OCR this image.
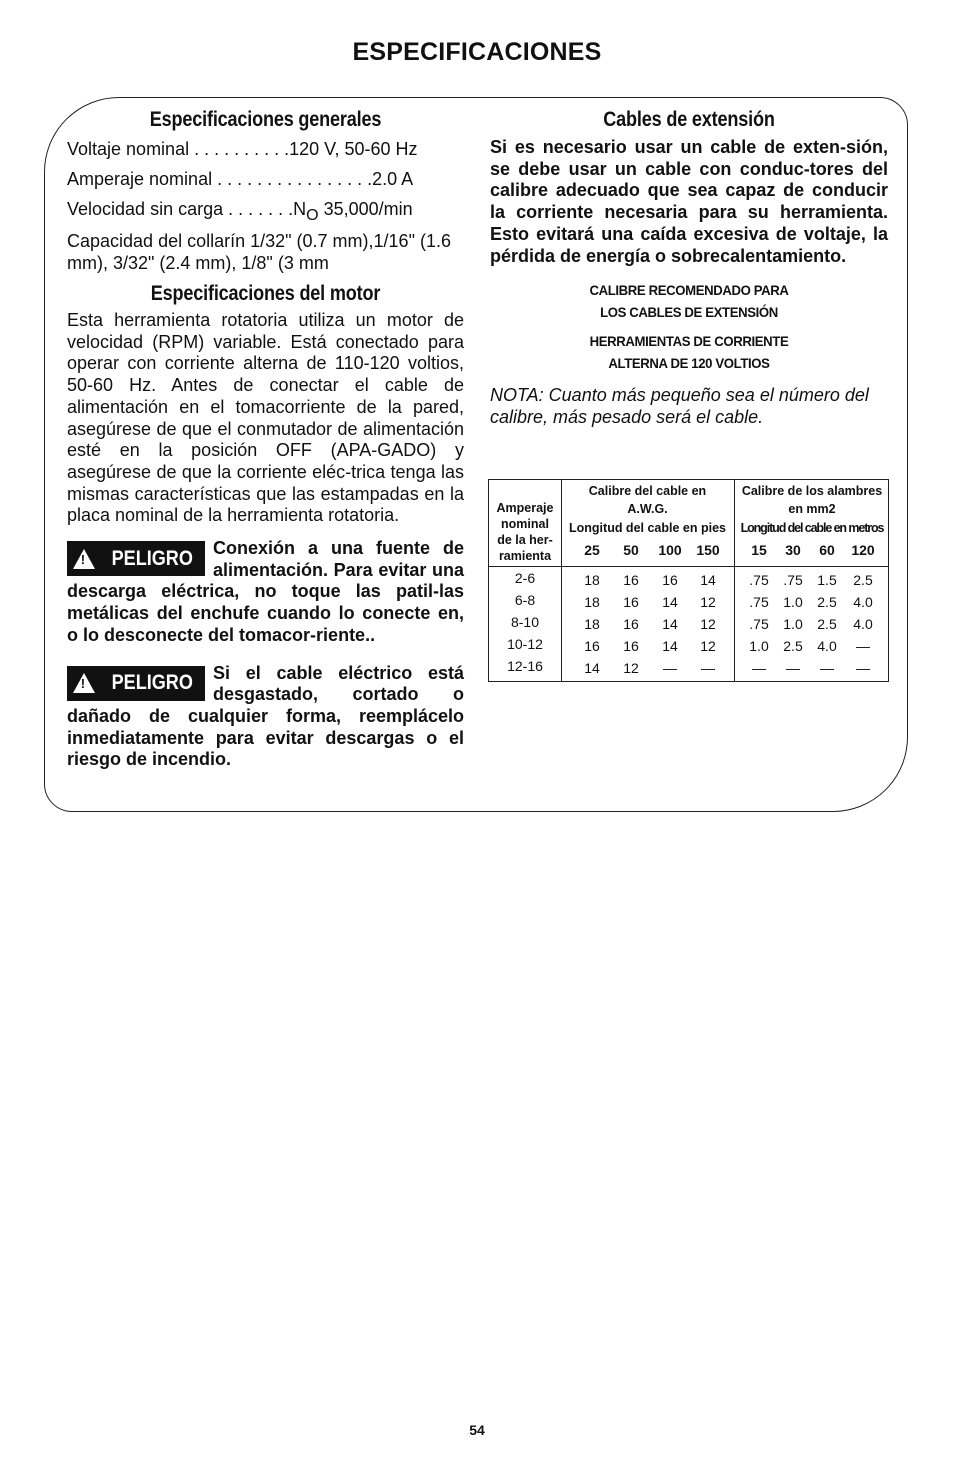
ESPECIFICACIONES
Especificaciones generales
Voltaje nominal . . . . . . . . . .120 V, 50-60 Hz
Amperaje nominal . . . . . . . . . . . . . . . .2.0 A
Velocidad sin carga . . . . . . .NO 35,000/min
Capacidad del collarín 1/32" (0.7 mm),1/16" (1.6 mm), 3/32" (2.4 mm), 1/8" (3 mm
Especificaciones del motor

Esta herramienta rotatoria utiliza un motor de velocidad (RPM) variable. Está conectado para operar con corriente alterna de 110-120 voltios, 50-60 Hz. Antes de conectar el cable de alimentación en el tomacorriente de la pared, asegúrese de que el conmutador de alimentación esté en la posición OFF (APA-GADO) y asegúrese de que la corriente eléc-trica tenga las mismas características que las estampadas en la placa nominal de la herramienta rotatoria.

! PELIGRO Conexión a una fuente de alimentación. Para evitar una descarga eléctrica, no toque las patil-las metálicas del enchufe cuando lo conecte en, o lo desconecte del tomacor-riente..
! PELIGRO Si el cable eléctrico está desgastado, cortado o dañado de cualquier forma, reemplácelo inmediatamente para evitar descargas o el riesgo de incendio.
Cables de extensión

Si es necesario usar un cable de exten-sión, se debe usar un cable con conduc-tores del calibre adecuado que sea capaz de conducir la corriente necesaria para su herramienta. Esto evitará una caída excesiva de voltaje, la pérdida de energía o sobrecalentamiento.

CALIBRE RECOMENDADO PARA
LOS CABLES DE EXTENSIÓN
HERRAMIENTAS DE CORRIENTE
ALTERNA DE 120 VOLTIOS
NOTA: Cuanto más pequeño sea el número del calibre, más pesado será el cable.
Amperaje
nominal
de la her-
ramienta
Calibre del cable en
A.W.G.
Longitud del cable en pies
Calibre de los alambres
en mm2
Longitud del cable en metros
25	50	100	150	15	30	60	120
2-6	18	16	16	14	.75	.75	1.5	2.5
6-8	18	16	14	12	.75	1.0	2.5	4.0
8-10	18	16	14	12	.75	1.0	2.5	4.0
10-12	16	16	14	12	1.0	2.5	4.0	—
12-16	14	12	—	—	—	—	—	—
54
